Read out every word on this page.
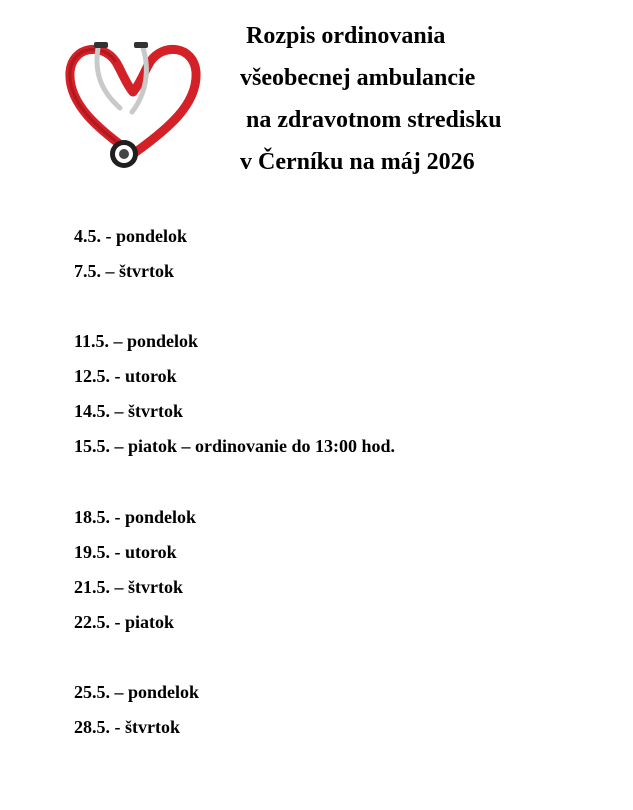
Rozpis ordinovania
všeobecnej ambulancie
na zdravotnom stredisku
v Černíku na máj 2026
4.5. - pondelok
7.5. – štvrtok
11.5. – pondelok
12.5. - utorok
14.5. – štvrtok
15.5. – piatok – ordinovanie do 13:00 hod.
18.5. - pondelok
19.5. - utorok
21.5. – štvrtok
22.5. - piatok
25.5. – pondelok
28.5. - štvrtok
